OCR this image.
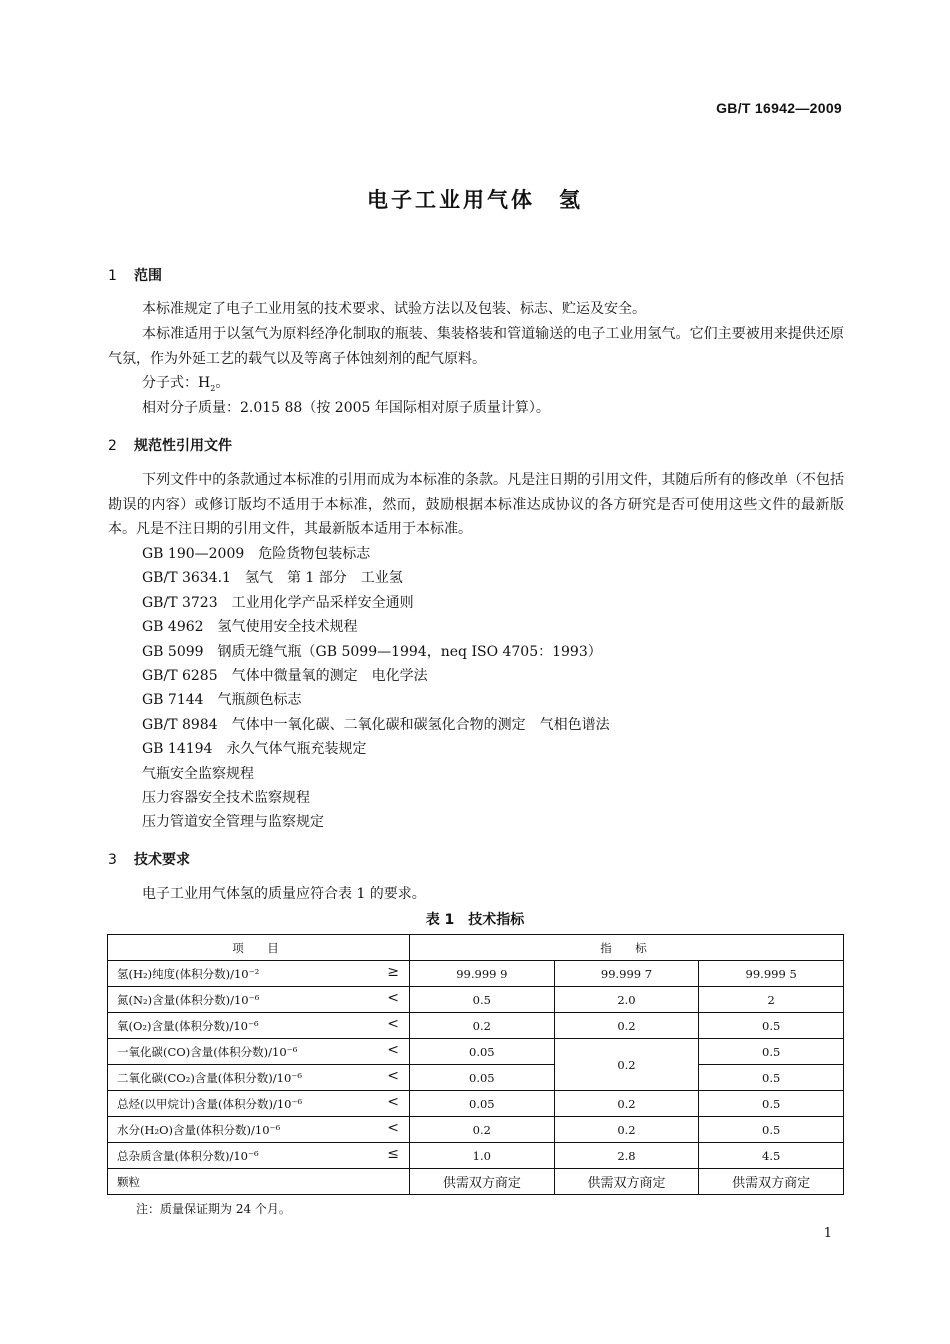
GB/T 16942—2009
电子工业用气体　氢
1 范围
本标准规定了电子工业用氢的技术要求、试验方法以及包装、标志、贮运及安全。
本标准适用于以氢气为原料经净化制取的瓶装、集装格装和管道输送的电子工业用氢气。它们主要被用来提供还原气氛，作为外延工艺的载气以及等离子体蚀刻剂的配气原料。
分子式：$H_2$。
相对分子质量：2.015 88（按 2005 年国际相对原子质量计算）。
2 规范性引用文件
下列文件中的条款通过本标准的引用而成为本标准的条款。凡是注日期的引用文件，其随后所有的修改单（不包括勘误的内容）或修订版均不适用于本标准，然而，鼓励根据本标准达成协议的各方研究是否可使用这些文件的最新版本。凡是不注日期的引用文件，其最新版本适用于本标准。
GB 190—2009　危险货物包装标志
GB/T 3634.1　氢气　第 1 部分　工业氢
GB/T 3723　工业用化学产品采样安全通则
GB 4962　氢气使用安全技术规程
GB 5099　钢质无缝气瓶（GB 5099—1994，neq ISO 4705：1993）
GB/T 6285　气体中微量氧的测定　电化学法
GB 7144　气瓶颜色标志
GB/T 8984　气体中一氧化碳、二氧化碳和碳氢化合物的测定　气相色谱法
GB 14194　永久气体气瓶充装规定
气瓶安全监察规程
压力容器安全技术监察规程
压力管道安全管理与监察规定
3 技术要求
电子工业用气体氢的质量应符合表 1 的要求。
表 1　技术指标
项　目	指　标		
氢(H₂)纯度(体积分数)/10⁻² ≥	99.999 9	99.999 7	99.999 5
氮(N₂)含量(体积分数)/10⁻⁶ <	0.5	2.0	2
氧(O₂)含量(体积分数)/10⁻⁶ <	0.2	0.2	0.5
一氧化碳(CO)含量(体积分数)/10⁻⁶ <	0.05	0.2	0.5
二氧化碳(CO₂)含量(体积分数)/10⁻⁶ <	0.05		0.5
总烃(以甲烷计)含量(体积分数)/10⁻⁶ <	0.05	0.2	0.5
水分(H₂O)含量(体积分数)/10⁻⁶ <	0.2	0.2	0.5
总杂质含量(体积分数)/10⁻⁶ ≤	1.0	2.8	4.5
颗粒	供需双方商定	供需双方商定	供需双方商定
注：质量保证期为 24 个月。
1
